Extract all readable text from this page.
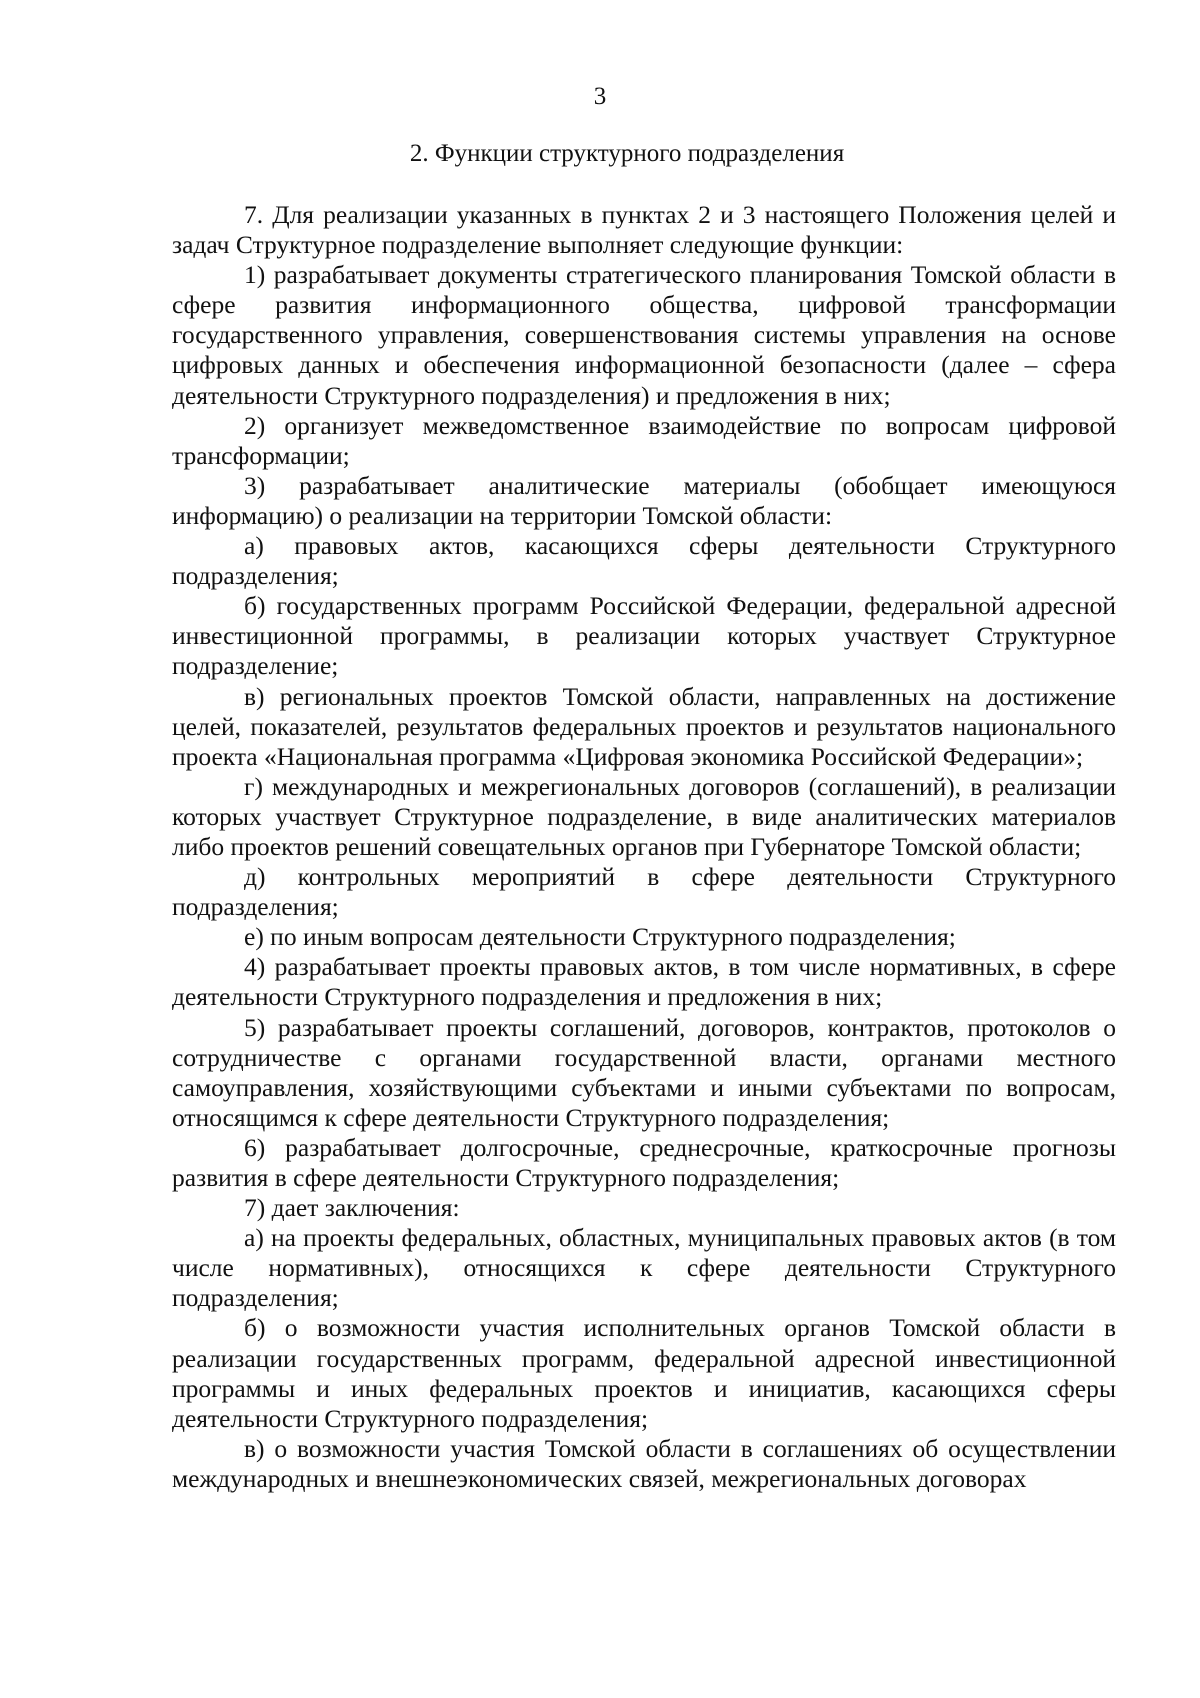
3
2. Функции структурного подразделения

7. Для реализации указанных в пунктах 2 и 3 настоящего Положения целей и задач Структурное подразделение выполняет следующие функции:

1) разрабатывает документы стратегического планирования Томской области в сфере развития информационного общества, цифровой трансформации государственного управления, совершенствования системы управления на основе цифровых данных и обеспечения информационной безопасности (далее – сфера деятельности Структурного подразделения) и предложения в них;

2) организует межведомственное взаимодействие по вопросам цифровой трансформации;

3) разрабатывает аналитические материалы (обобщает имеющуюся информацию) о реализации на территории Томской области:

а) правовых актов, касающихся сферы деятельности Структурного подразделения;

б) государственных программ Российской Федерации, федеральной адресной инвестиционной программы, в реализации которых участвует Структурное подразделение;

в) региональных проектов Томской области, направленных на достижение целей, показателей, результатов федеральных проектов и результатов национального проекта «Национальная программа «Цифровая экономика Российской Федерации»;

г) международных и межрегиональных договоров (соглашений), в реализации которых участвует Структурное подразделение, в виде аналитических материалов либо проектов решений совещательных органов при Губернаторе Томской области;

д) контрольных мероприятий в сфере деятельности Структурного подразделения;

е) по иным вопросам деятельности Структурного подразделения;

4) разрабатывает проекты правовых актов, в том числе нормативных, в сфере деятельности Структурного подразделения и предложения в них;

5) разрабатывает проекты соглашений, договоров, контрактов, протоколов о сотрудничестве с органами государственной власти, органами местного самоуправления, хозяйствующими субъектами и иными субъектами по вопросам, относящимся к сфере деятельности Структурного подразделения;

6) разрабатывает долгосрочные, среднесрочные, краткосрочные прогнозы развития в сфере деятельности Структурного подразделения;

7) дает заключения:

а) на проекты федеральных, областных, муниципальных правовых актов (в том числе нормативных), относящихся к сфере деятельности Структурного подразделения;

б) о возможности участия исполнительных органов Томской области в реализации государственных программ, федеральной адресной инвестиционной программы и иных федеральных проектов и инициатив, касающихся сферы деятельности Структурного подразделения;

в) о возможности участия Томской области в соглашениях об осуществлении международных и внешнеэкономических связей, межрегиональных договорах
